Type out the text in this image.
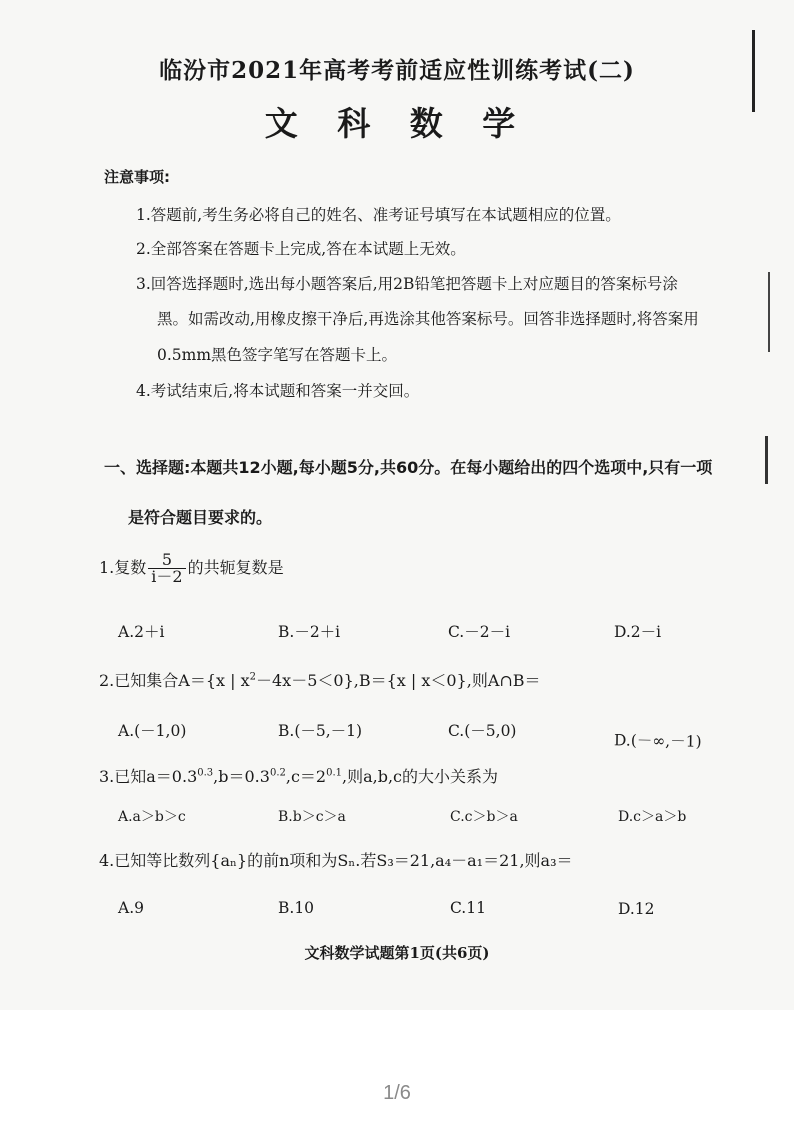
临汾市2021年高考考前适应性训练考试(二)
文 科 数 学
注意事项:
1.答题前,考生务必将自己的姓名、准考证号填写在本试题相应的位置。
2.全部答案在答题卡上完成,答在本试题上无效。
3.回答选择题时,选出每小题答案后,用2B铅笔把答题卡上对应题目的答案标号涂
黑。如需改动,用橡皮擦干净后,再选涂其他答案标号。回答非选择题时,将答案用
0.5mm黑色签字笔写在答题卡上。
4.考试结束后,将本试题和答案一并交回。
一、选择题:本题共12小题,每小题5分,共60分。在每小题给出的四个选项中,只有一项
是符合题目要求的。
1.复数 $\frac{5}{i-2}$ 的共轭复数是
A.2＋i	B.－2＋i	C.－2－i	D.2－i
2.已知集合A＝{x | $x^2-4x-5<0\},B=\{x$ | x＜0},则A∩B＝
A.(－1,0)	B.(－5,－1)	C.(－5,0)
D.(－∞,－1)
3.已知$a=0.3^{0.3},b=0.3^{0.2},c=2^{0.1}$,则a,b,c的大小关系为
A.a＞b＞c	B.b＞c＞a	C.c＞b＞a	D.c＞a＞b
4.已知等比数列{aₙ}的前n项和为Sₙ.若S₃＝21,a₄－a₁＝21,则a₃＝
A.9	B.10	C.11	D.12
文科数学试题第1页(共6页)
1/6
